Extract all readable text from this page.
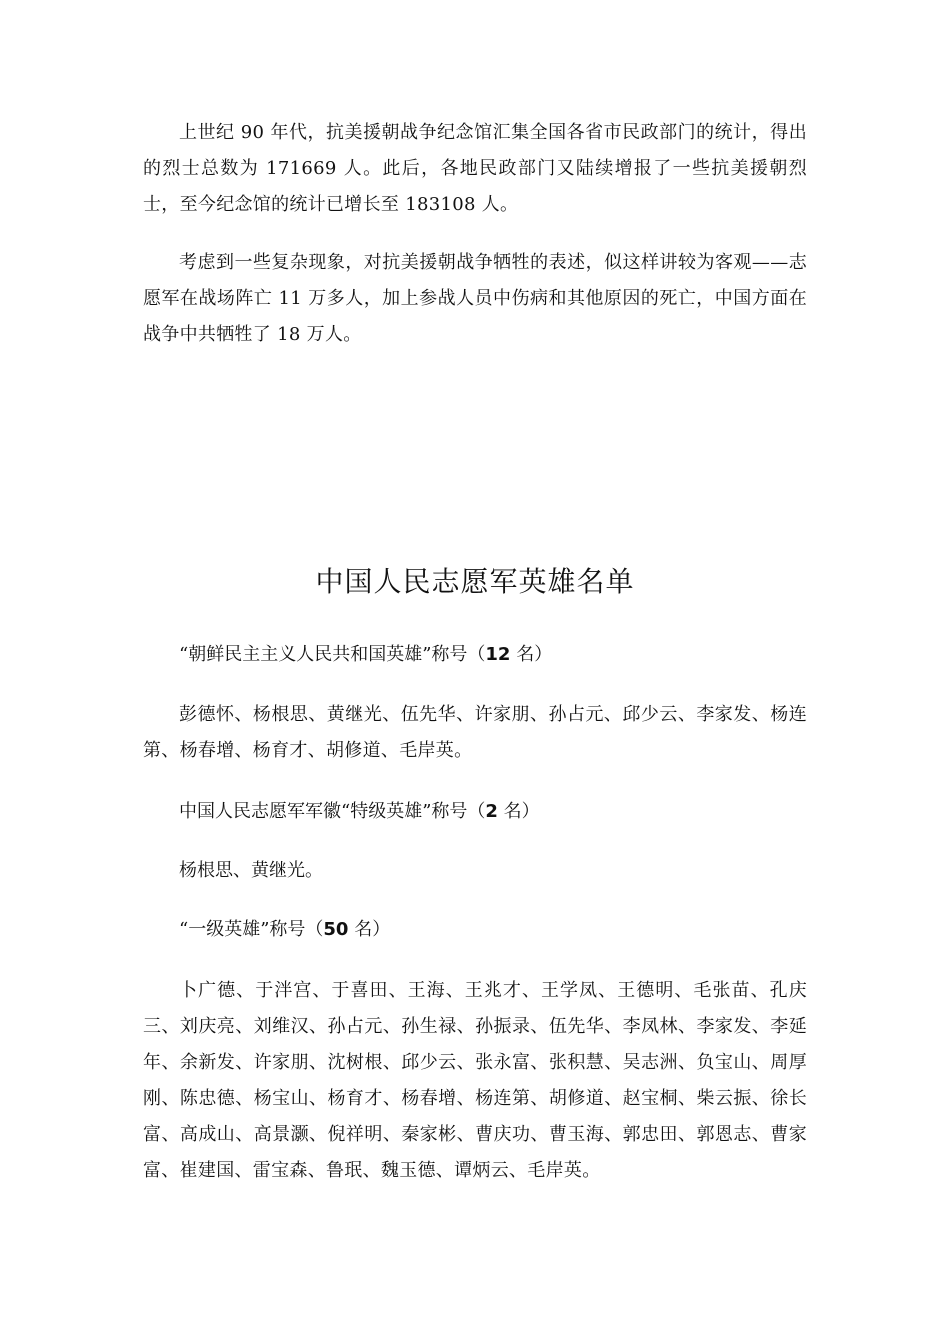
上世纪 90 年代，抗美援朝战争纪念馆汇集全国各省市民政部门的统计，得出的烈士总数为 171669 人。此后，各地民政部门又陆续增报了一些抗美援朝烈士，至今纪念馆的统计已增长至 183108 人。

考虑到一些复杂现象，对抗美援朝战争牺牲的表述，似这样讲较为客观——志愿军在战场阵亡 11 万多人，加上参战人员中伤病和其他原因的死亡，中国方面在战争中共牺牲了 18 万人。

中国人民志愿军英雄名单

“朝鲜民主主义人民共和国英雄”称号（12 名）

彭德怀、杨根思、黄继光、伍先华、许家朋、孙占元、邱少云、李家发、杨连第、杨春增、杨育才、胡修道、毛岸英。

中国人民志愿军军徽“特级英雄”称号（2 名）

杨根思、黄继光。

“一级英雄”称号（50 名）

卜广德、于泮宫、于喜田、王海、王兆才、王学凤、王德明、毛张苗、孔庆三、刘庆亮、刘维汉、孙占元、孙生禄、孙振录、伍先华、李凤林、李家发、李延年、余新发、许家朋、沈树根、邱少云、张永富、张积慧、吴志洲、负宝山、周厚刚、陈忠德、杨宝山、杨育才、杨春增、杨连第、胡修道、赵宝桐、柴云振、徐长富、高成山、高景灏、倪祥明、秦家彬、曹庆功、曹玉海、郭忠田、郭恩志、曹家富、崔建国、雷宝森、鲁珉、魏玉德、谭炳云、毛岸英。
